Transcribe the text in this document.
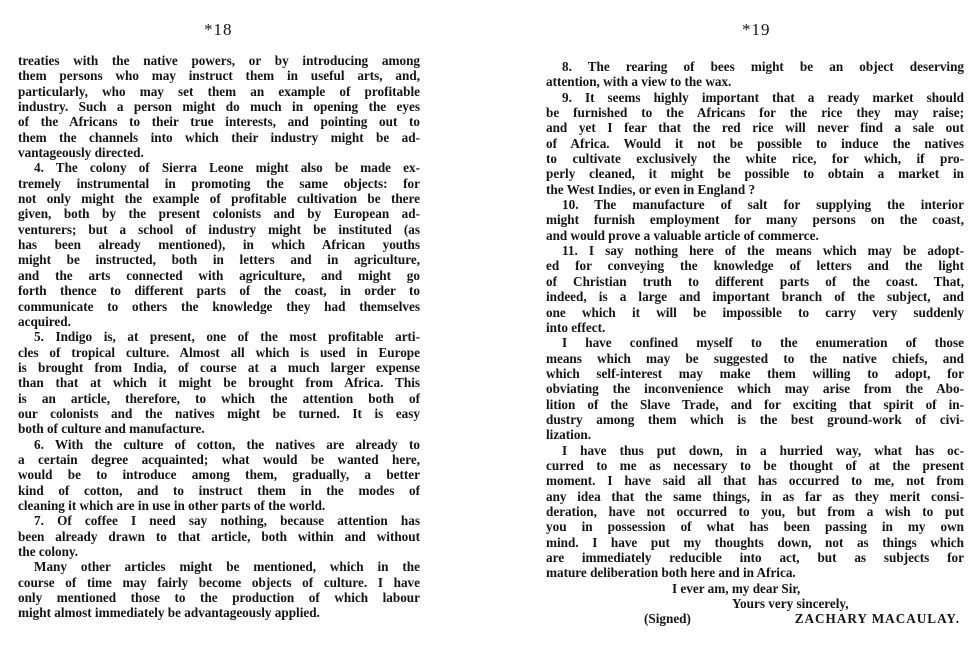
*18
treaties with the native powers, or by introducing among
them persons who may instruct them in useful arts, and,
particularly, who may set them an example of profitable
industry. Such a person might do much in opening the eyes
of the Africans to their true interests, and pointing out to
them the channels into which their industry might be ad-
vantageously directed.
4. The colony of Sierra Leone might also be made ex-
tremely instrumental in promoting the same objects: for
not only might the example of profitable cultivation be there
given, both by the present colonists and by European ad-
venturers; but a school of industry might be instituted (as
has been already mentioned), in which African youths
might be instructed, both in letters and in agriculture,
and the arts connected with agriculture, and might go
forth thence to different parts of the coast, in order to
communicate to others the knowledge they had themselves
acquired.
5. Indigo is, at present, one of the most profitable arti-
cles of tropical culture. Almost all which is used in Europe
is brought from India, of course at a much larger expense
than that at which it might be brought from Africa. This
is an article, therefore, to which the attention both of
our colonists and the natives might be turned. It is easy
both of culture and manufacture.
6. With the culture of cotton, the natives are already to
a certain degree acquainted; what would be wanted here,
would be to introduce among them, gradually, a better
kind of cotton, and to instruct them in the modes of
cleaning it which are in use in other parts of the world.
7. Of coffee I need say nothing, because attention has
been already drawn to that article, both within and without
the colony.
Many other articles might be mentioned, which in the
course of time may fairly become objects of culture. I have
only mentioned those to the production of which labour
might almost immediately be advantageously applied.
*19
8. The rearing of bees might be an object deserving
attention, with a view to the wax.
9. It seems highly important that a ready market should
be furnished to the Africans for the rice they may raise;
and yet I fear that the red rice will never find a sale out
of Africa. Would it not be possible to induce the natives
to cultivate exclusively the white rice, for which, if pro-
perly cleaned, it might be possible to obtain a market in
the West Indies, or even in England ?
10. The manufacture of salt for supplying the interior
might furnish employment for many persons on the coast,
and would prove a valuable article of commerce.
11. I say nothing here of the means which may be adopt-
ed for conveying the knowledge of letters and the light
of Christian truth to different parts of the coast. That,
indeed, is a large and important branch of the subject, and
one which it will be impossible to carry very suddenly
into effect.
I have confined myself to the enumeration of those
means which may be suggested to the native chiefs, and
which self-interest may make them willing to adopt, for
obviating the inconvenience which may arise from the Abo-
lition of the Slave Trade, and for exciting that spirit of in-
dustry among them which is the best ground-work of civi-
lization.
I have thus put down, in a hurried way, what has oc-
curred to me as necessary to be thought of at the present
moment. I have said all that has occurred to me, not from
any idea that the same things, in as far as they merit consi-
deration, have not occurred to you, but from a wish to put
you in possession of what has been passing in my own
mind. I have put my thoughts down, not as things which
are immediately reducible into act, but as subjects for
mature deliberation both here and in Africa.
I ever am, my dear Sir,
Yours very sincerely,
(Signed)	ZACHARY MACAULAY.
